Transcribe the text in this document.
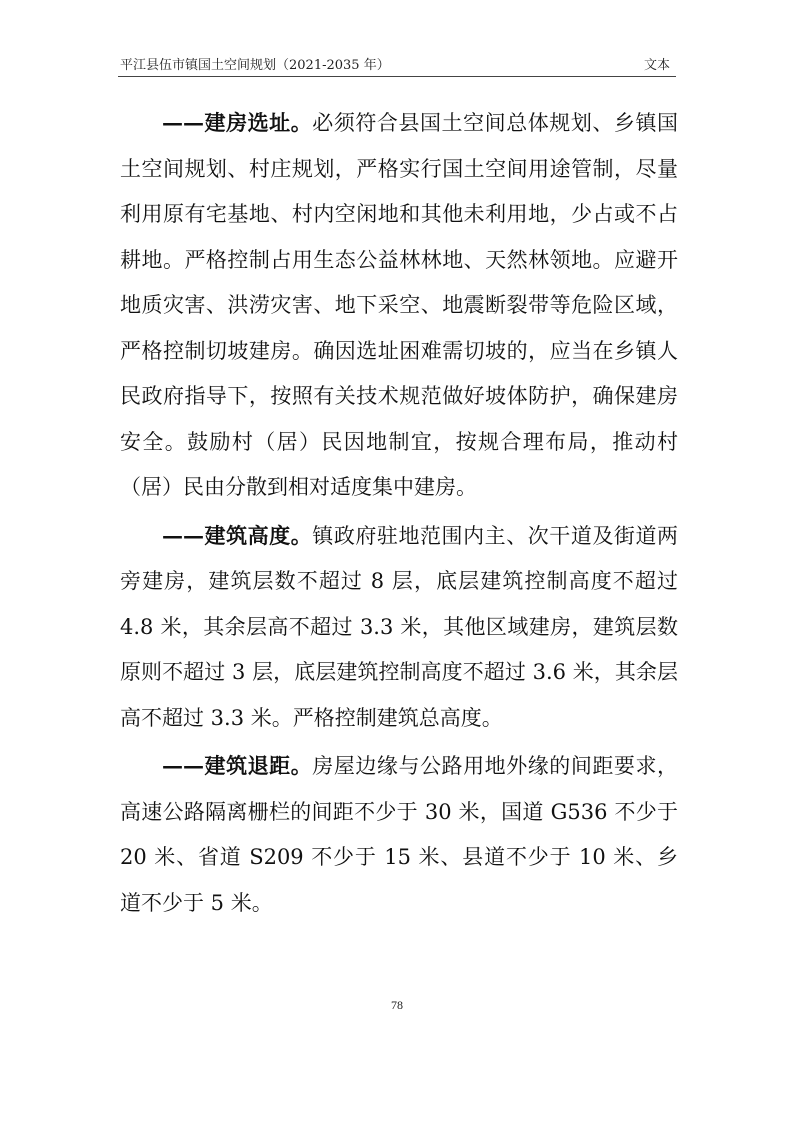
平江县伍市镇国土空间规划（2021-2035 年）	文本

——建房选址。必须符合县国土空间总体规划、乡镇国土空间规划、村庄规划，严格实行国土空间用途管制，尽量利用原有宅基地、村内空闲地和其他未利用地，少占或不占耕地。严格控制占用生态公益林林地、天然林领地。应避开地质灾害、洪涝灾害、地下采空、地震断裂带等危险区域，严格控制切坡建房。确因选址困难需切坡的，应当在乡镇人民政府指导下，按照有关技术规范做好坡体防护，确保建房安全。鼓励村（居）民因地制宜，按规合理布局，推动村（居）民由分散到相对适度集中建房。

——建筑高度。镇政府驻地范围内主、次干道及街道两旁建房，建筑层数不超过 8 层，底层建筑控制高度不超过 4.8 米，其余层高不超过 3.3 米，其他区域建房，建筑层数原则不超过 3 层，底层建筑控制高度不超过 3.6 米，其余层高不超过 3.3 米。严格控制建筑总高度。

——建筑退距。房屋边缘与公路用地外缘的间距要求，高速公路隔离栅栏的间距不少于 30 米，国道 G536 不少于 20 米、省道 S209 不少于 15 米、县道不少于 10 米、乡道不少于 5 米。

78
